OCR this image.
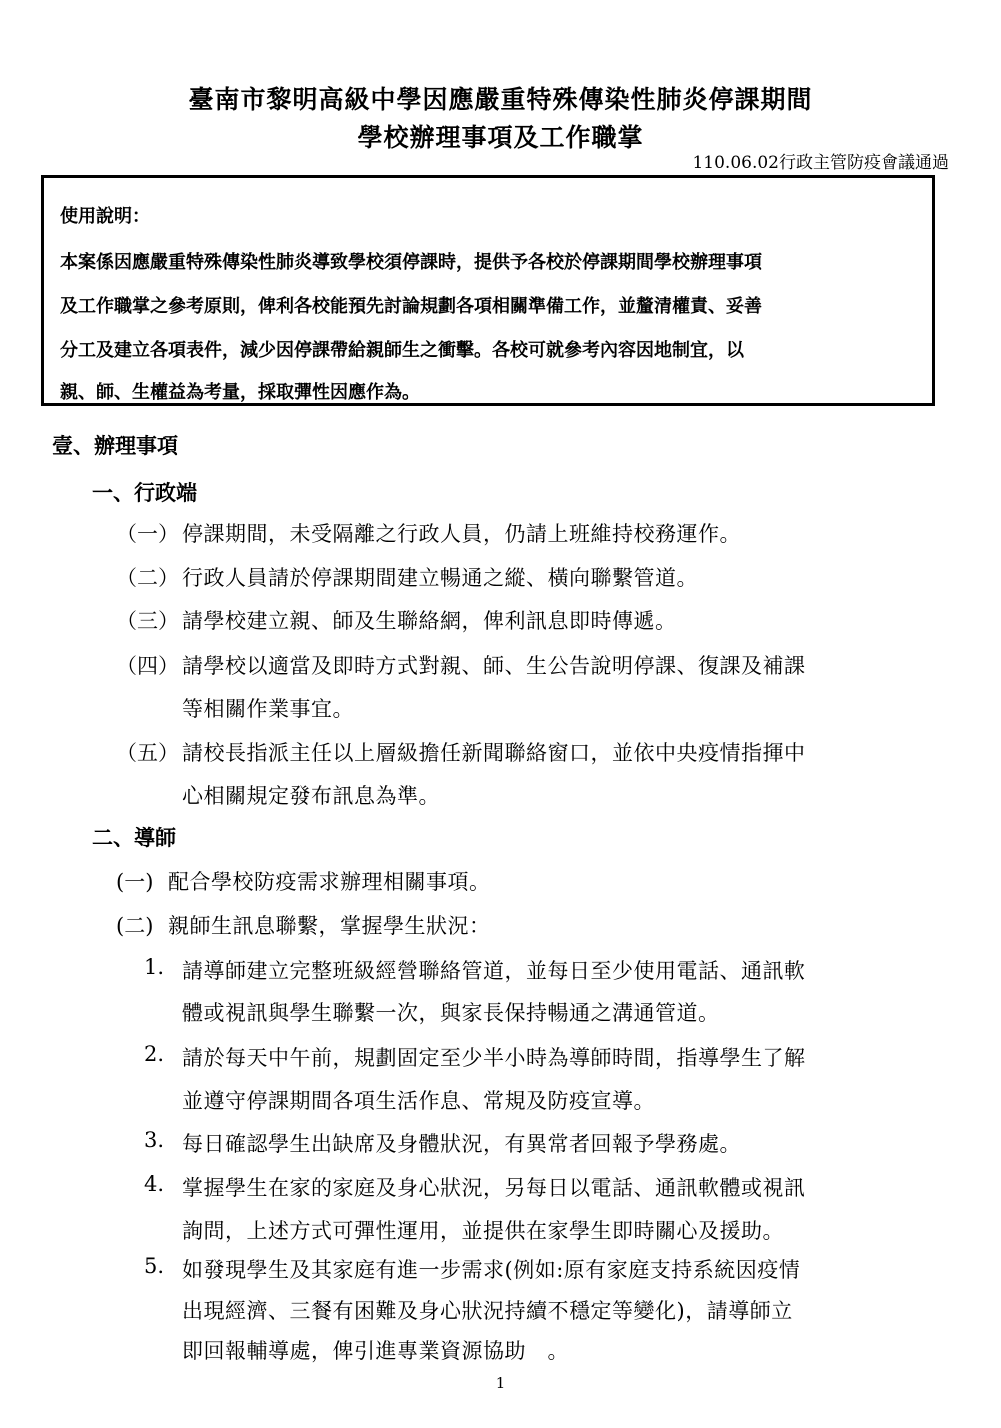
臺南市黎明高級中學因應嚴重特殊傳染性肺炎停課期間
學校辦理事項及工作職掌
110.06.02行政主管防疫會議通過
使用說明：
本案係因應嚴重特殊傳染性肺炎導致學校須停課時，提供予各校於停課期間學校辦理事項
及工作職掌之參考原則，俾利各校能預先討論規劃各項相關準備工作，並釐清權責、妥善
分工及建立各項表件，減少因停課帶給親師生之衝擊。各校可就參考內容因地制宜，以
親、師、生權益為考量，採取彈性因應作為。
壹、辦理事項
一、行政端
（一） 停課期間，未受隔離之行政人員，仍請上班維持校務運作。
（二） 行政人員請於停課期間建立暢通之縱、橫向聯繫管道。
（三） 請學校建立親、師及生聯絡網，俾利訊息即時傳遞。
（四） 請學校以適當及即時方式對親、師、生公告說明停課、復課及補課
等相關作業事宜。
（五） 請校長指派主任以上層級擔任新聞聯絡窗口，並依中央疫情指揮中
心相關規定發布訊息為準。
二、導師
(一) 配合學校防疫需求辦理相關事項。
(二) 親師生訊息聯繫，掌握學生狀況：
1. 請導師建立完整班級經營聯絡管道，並每日至少使用電話、通訊軟
體或視訊與學生聯繫一次，與家長保持暢通之溝通管道。
2. 請於每天中午前，規劃固定至少半小時為導師時間，指導學生了解
並遵守停課期間各項生活作息、常規及防疫宣導。
3. 每日確認學生出缺席及身體狀況，有異常者回報予學務處。
4. 掌握學生在家的家庭及身心狀況，另每日以電話、通訊軟體或視訊
詢問，上述方式可彈性運用，並提供在家學生即時關心及援助。
5. 如發現學生及其家庭有進一步需求(例如:原有家庭支持系統因疫情
出現經濟、三餐有困難及身心狀況持續不穩定等變化)，請導師立
即回報輔導處，俾引進專業資源協助　。
1
